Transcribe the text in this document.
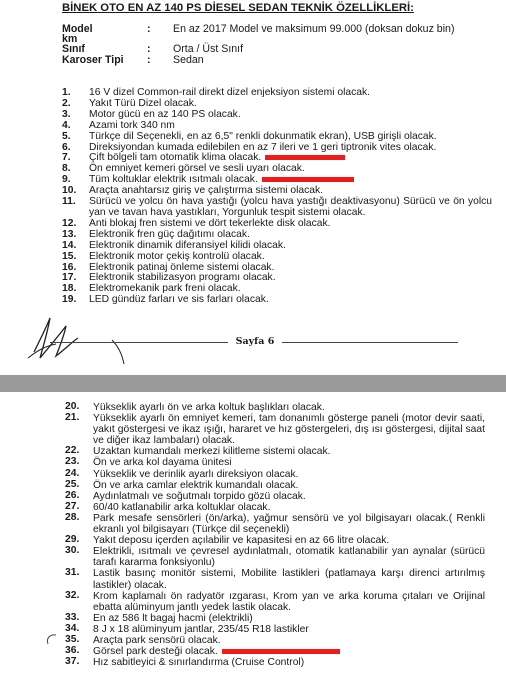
BİNEK OTO EN AZ 140 PS DİESEL SEDAN TEKNİK ÖZELLİKLERİ:
Model	:	En az 2017 Model ve maksimum 99.000 (doksan dokuz bin)
km
Sınıf	:	Orta / Üst Sınıf
Karoser Tipi	:	Sedan
1.	16 V dizel Common-rail direkt dizel enjeksiyon sistemi olacak.
2.	Yakıt Türü Dizel olacak.
3.	Motor gücü en az 140 PS olacak.
4.	Azami tork 340 nm
5.	Türkçe dil Seçenekli, en az 6,5" renkli dokunmatik ekran), USB girişli olacak.
6.	Direksiyondan kumada edilebilen en az 7 ileri ve 1 geri tiptronik vites olacak.
7.	Çift bölgeli tam otomatik klima olacak.
8.	Ön emniyet kemeri görsel ve sesli uyarı olacak.
9.	Tüm koltuklar elektrik ısıtmalı olacak.
10.	Araçta anahtarsız giriş ve çalıştırma sistemi olacak.
11.	Sürücü ve yolcu ön hava yastığı (yolcu hava yastığı deaktivasyonu) Sürücü ve ön yolcu yan ve tavan hava yastıkları, Yorgunluk tespit sistemi olacak.
12.	Anti blokaj fren sistemi ve dört tekerlekte disk olacak.
13.	Elektronik fren güç dağıtımı olacak.
14.	Elektronik dinamik diferansiyel kilidi olacak.
15.	Elektronik motor çekiş kontrolü olacak.
16.	Elektronik patinaj önleme sistemi olacak.
17.	Elektronik stabilizasyon programı olacak.
18.	Elektromekanik park freni olacak.
19.	LED gündüz farları ve sis farları olacak.
Sayfa 6
20.	Yükseklik ayarlı ön ve arka koltuk başlıkları olacak.
21.	Yükseklik ayarlı ön emniyet kemeri, tam donanımlı gösterge paneli (motor devir saati, yakıt göstergesi ve ikaz ışığı, hararet ve hız göstergeleri, dış ısı göstergesi, dijital saat ve diğer ikaz lambaları) olacak.
22.	Uzaktan kumandalı merkezi kilitleme sistemi olacak.
23.	Ön ve arka kol dayama ünitesi
24.	Yükseklik ve derinlik ayarlı direksiyon olacak.
25.	Ön ve arka camlar elektrik kumandalı olacak.
26.	Aydınlatmalı ve soğutmalı torpido gözü olacak.
27.	60/40 katlanabilir arka koltuklar olacak.
28.	Park mesafe sensörleri (ön/arka), yağmur sensörü ve yol bilgisayarı olacak.( Renkli ekranlı yol bilgisayarı (Türkçe dil seçenekli)
29.	Yakıt deposu içerden açılabilir ve kapasitesi en az 66 litre olacak.
30.	Elektrikli, ısıtmalı ve çevresel aydınlatmalı, otomatik katlanabilir yan aynalar (sürücü tarafı kararma fonksiyonlu)
31.	Lastik basınç monitör sistemi, Mobilite lastikleri (patlamaya karşı direnci artırılmış lastikler) olacak.
32.	Krom kaplamalı ön radyatör ızgarası, Krom yan ve arka koruma çıtaları ve Orijinal ebatta alüminyum jantlı yedek lastik olacak.
33.	En az 586 lt bagaj hacmi (elektrikli)
34.	8 J x 18 alüminyum jantlar, 235/45 R18 lastikler
35.	Araçta park sensörü olacak.
36.	Görsel park desteği olacak.
37.	Hız sabitleyici & sınırlandırma (Cruise Control)
